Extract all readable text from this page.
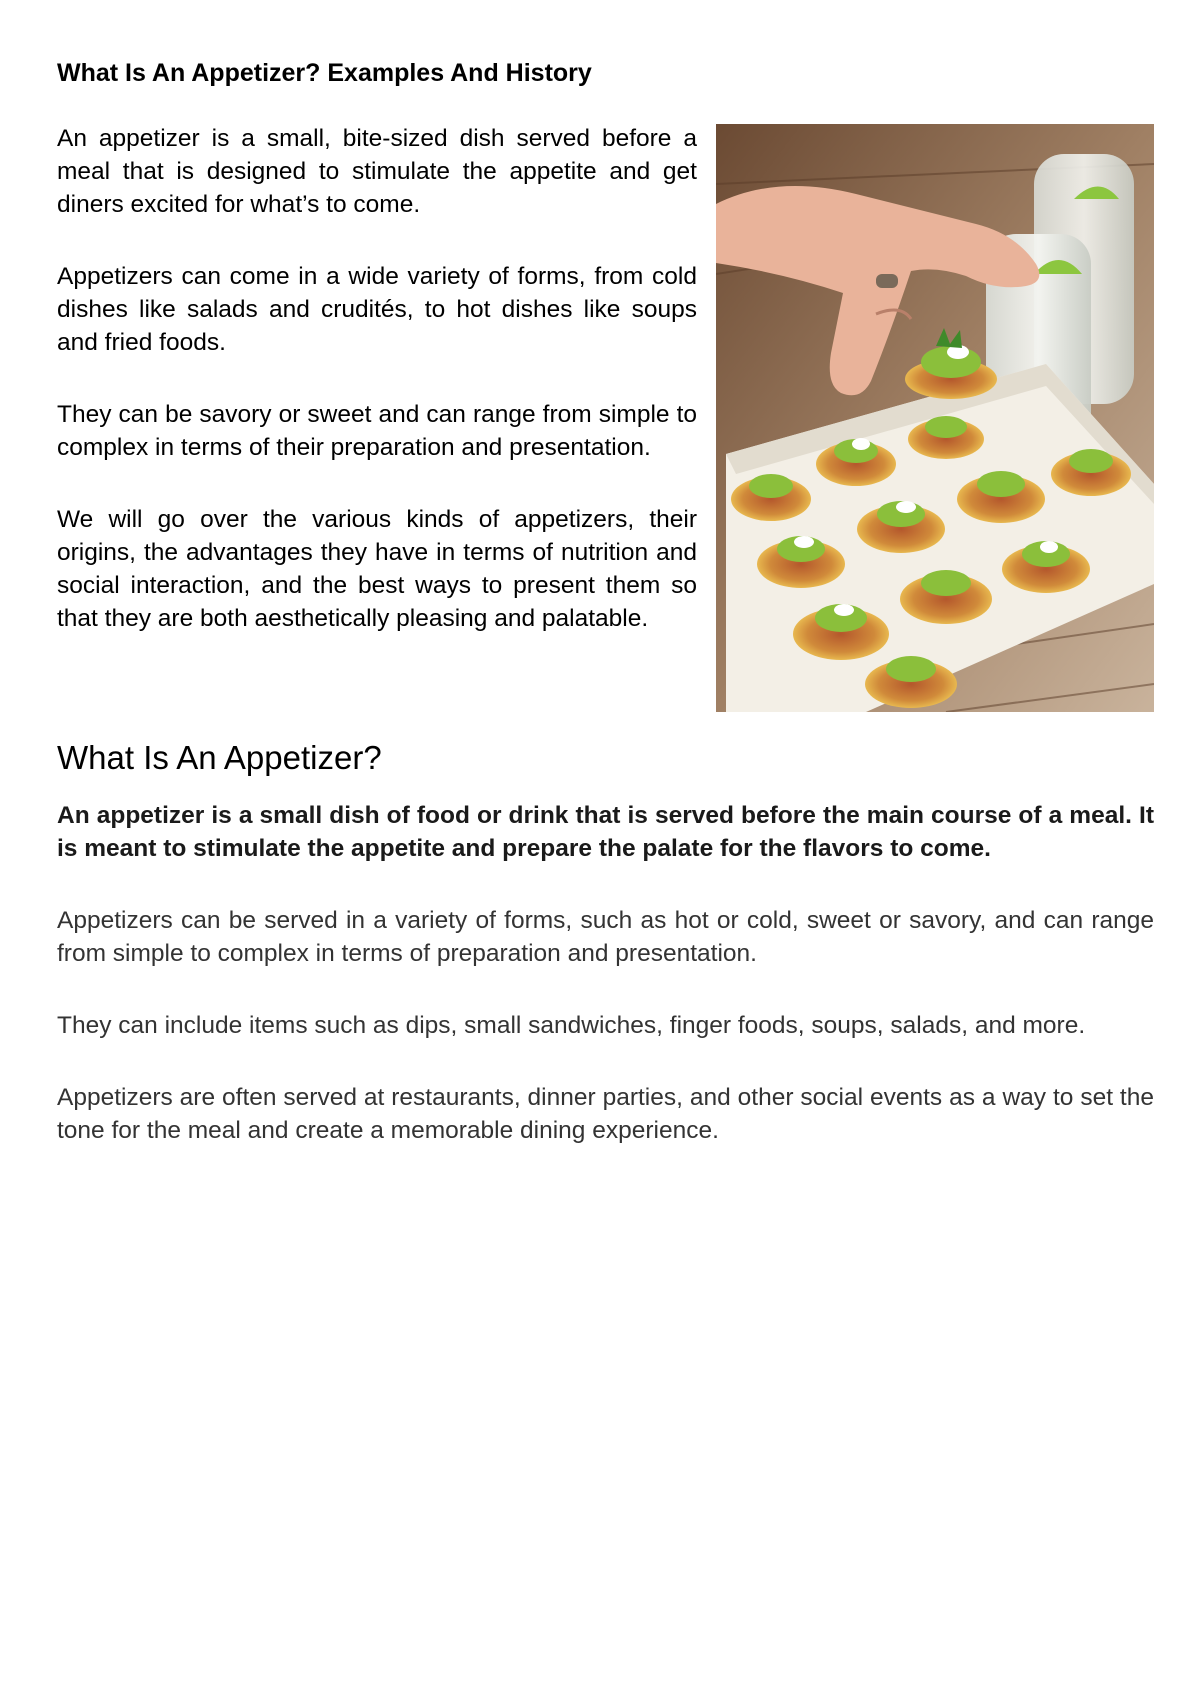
What Is An Appetizer? Examples And History

An appetizer is a small, bite-sized dish served before a meal that is designed to stimulate the appetite and get diners excited for what’s to come.

Appetizers can come in a wide variety of forms, from cold dishes like salads and crudités, to hot dishes like soups and fried foods.

They can be savory or sweet and can range from simple to complex in terms of their preparation and presentation.

We will go over the various kinds of appetizers, their origins, the advantages they have in terms of nutrition and social interaction, and the best ways to present them so that they are both aesthetically pleasing and palatable.

What Is An Appetizer?

An appetizer is a small dish of food or drink that is served before the main course of a meal. It is meant to stimulate the appetite and prepare the palate for the flavors to come.

Appetizers can be served in a variety of forms, such as hot or cold, sweet or savory, and can range from simple to complex in terms of preparation and presentation.

They can include items such as dips, small sandwiches, finger foods, soups, salads, and more.

Appetizers are often served at restaurants, dinner parties, and other social events as a way to set the tone for the meal and create a memorable dining experience.
